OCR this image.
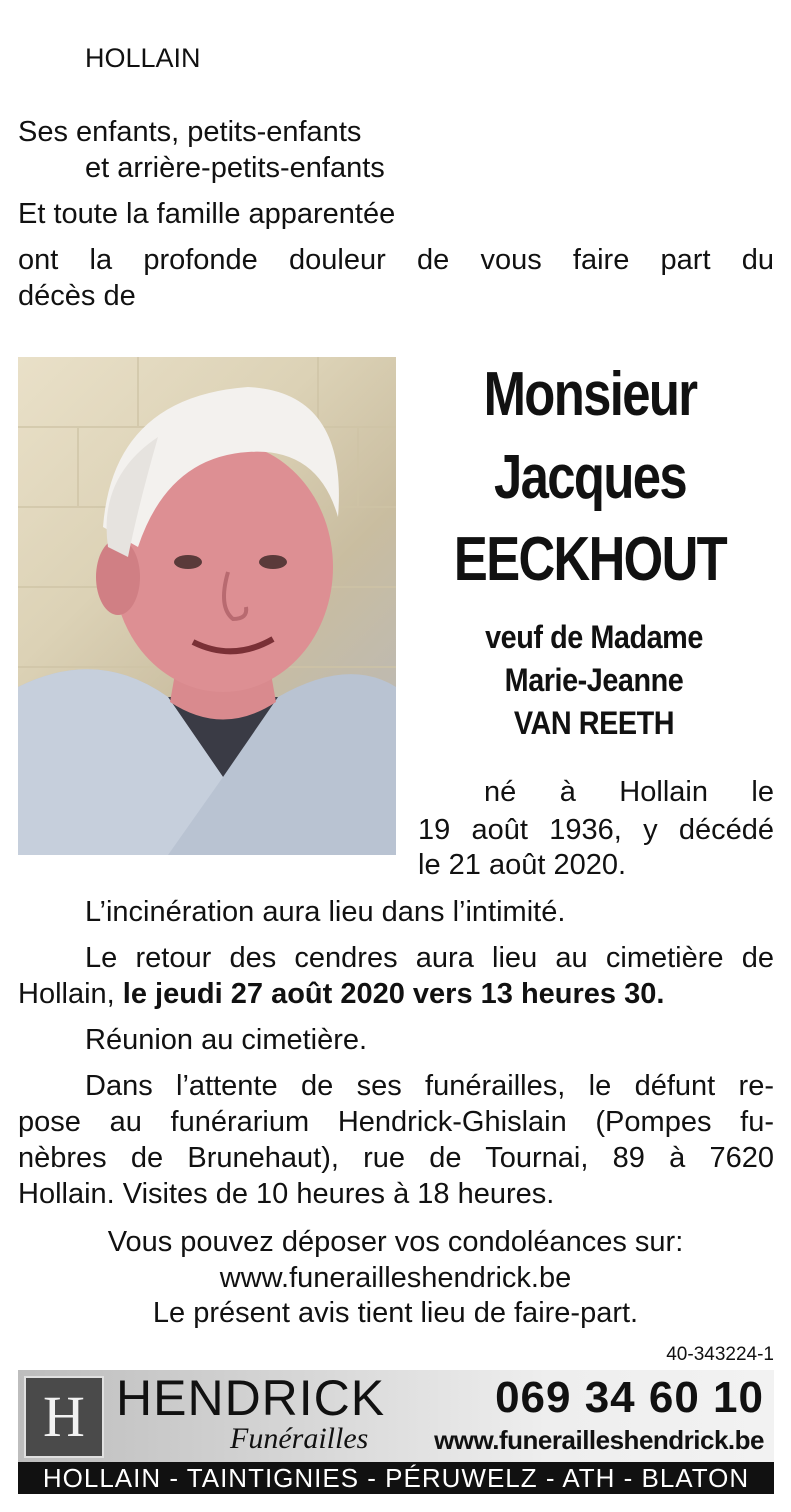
HOLLAIN
Ses enfants, petits-enfants
et arrière-petits-enfants
Et toute la famille apparentée
ont la profonde douleur de vous faire part du
décès de
Monsieur
Jacques
EECKHOUT
veuf de Madame
Marie-Jeanne
VAN REETH
né à Hollain le
19 août 1936, y décédé
le 21 août 2020.
L’incinération aura lieu dans l’intimité.
Le retour des cendres aura lieu au cimetière de
Hollain, le jeudi 27 août 2020 vers 13 heures 30.
Réunion au cimetière.
Dans l’attente de ses funérailles, le défunt re-
pose au funérarium Hendrick-Ghislain (Pompes fu-
nèbres de Brunehaut), rue de Tournai, 89 à 7620
Hollain. Visites de 10 heures à 18 heures.
Vous pouvez déposer vos condoléances sur:
www.funerailleshendrick.be
Le présent avis tient lieu de faire-part.
40-343224-1
H HENDRICK
Funérailles
069 34 60 10
www.funerailleshendrick.be
HOLLAIN - TAINTIGNIES - PÉRUWELZ - ATH - BLATON
